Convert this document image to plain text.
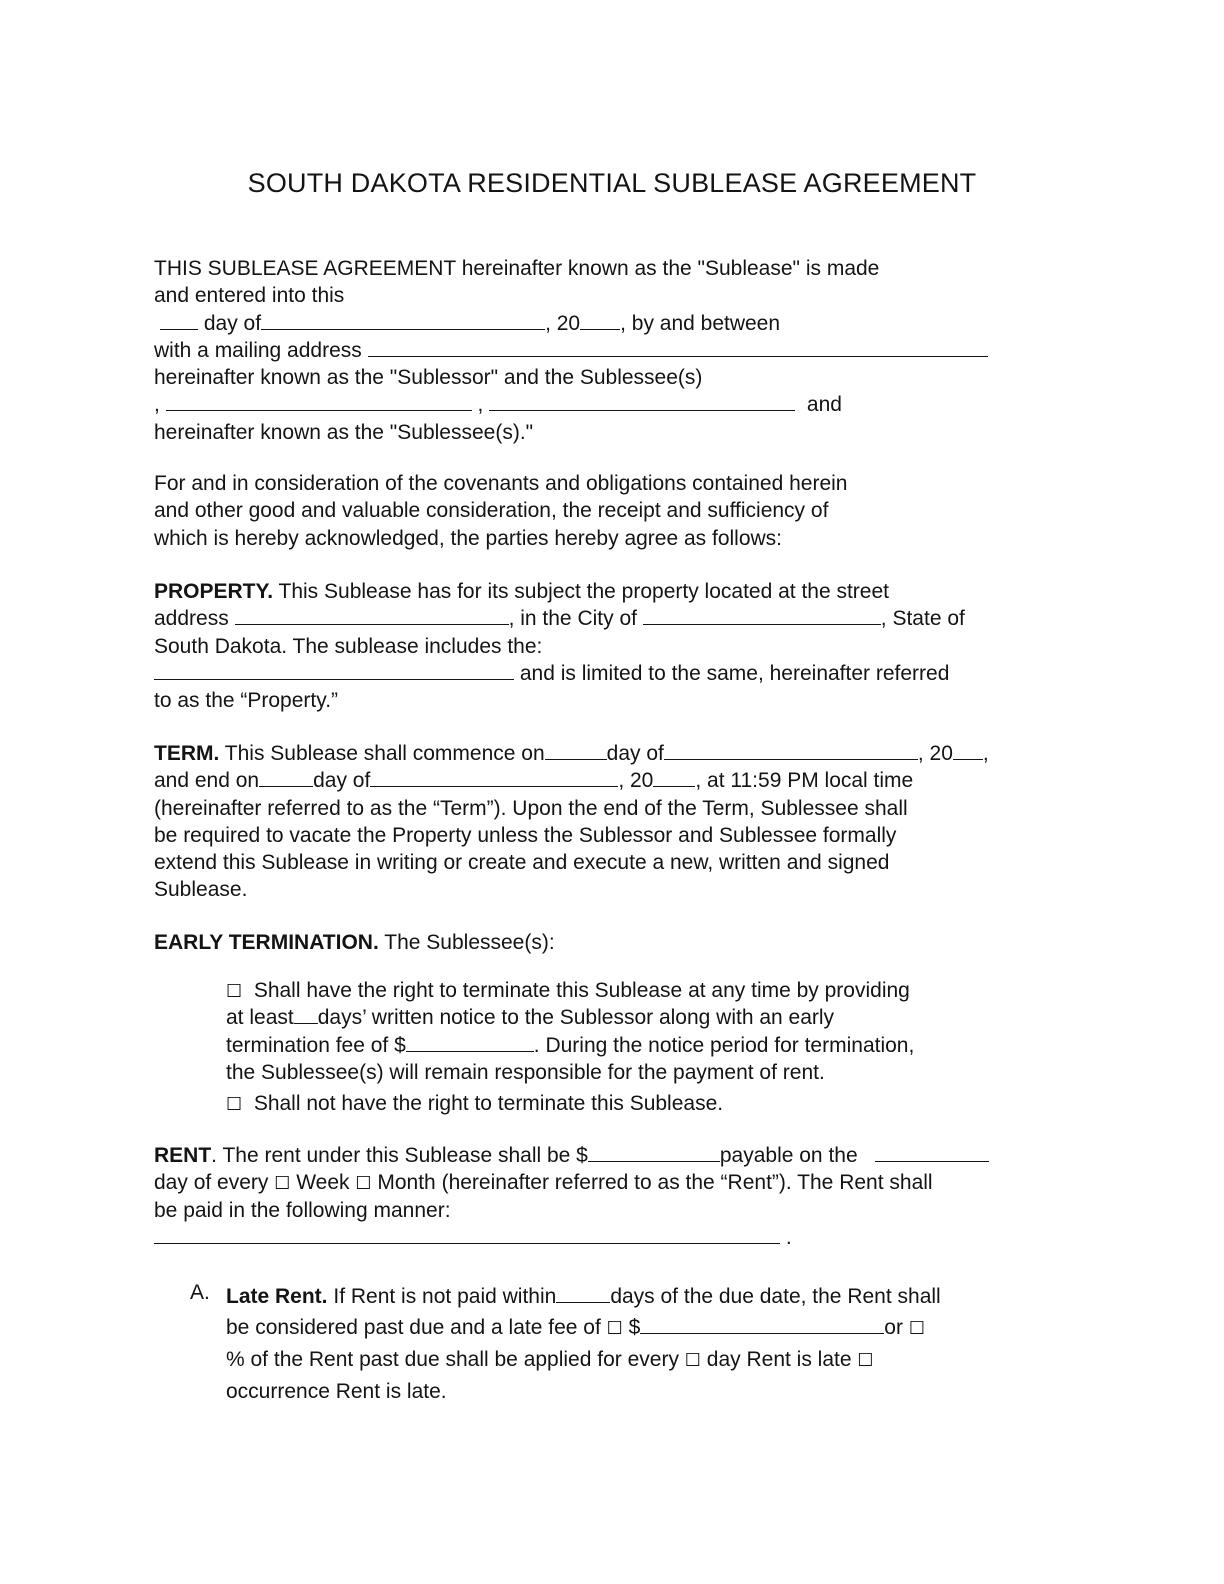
SOUTH DAKOTA RESIDENTIAL SUBLEASE AGREEMENT
THIS SUBLEASE AGREEMENT hereinafter known as the "Sublease" is made
and entered into this
day of	, 20 , by and between
with a mailing address
hereinafter known as the "Sublessor" and the Sublessee(s)
,	,	and
hereinafter known as the "Sublessee(s)."
For and in consideration of the covenants and obligations contained herein
and other good and valuable consideration, the receipt and sufficiency of
which is hereby acknowledged, the parties hereby agree as follows:
PROPERTY. This Sublease has for its subject the property located at the street
address	, in the City of	, State of
South Dakota. The sublease includes the:
and is limited to the same, hereinafter referred
to as the “Property.”
TERM. This Sublease shall commence on	day of	, 20 ,
and end on	day of	, 20 , at 11:59 PM local time
(hereinafter referred to as the “Term”). Upon the end of the Term, Sublessee shall
be required to vacate the Property unless the Sublessor and Sublessee formally
extend this Sublease in writing or create and execute a new, written and signed
Sublease.
EARLY TERMINATION. The Sublessee(s):
☐ Shall have the right to terminate this Sublease at any time by providing
at least days’ written notice to the Sublessor along with an early
termination fee of $	. During the notice period for termination,
the Sublessee(s) will remain responsible for the payment of rent.
☐ Shall not have the right to terminate this Sublease.
RENT. The rent under this Sublease shall be $	payable on the
day of every ☐ Week ☐ Month (hereinafter referred to as the “Rent”). The Rent shall
be paid in the following manner:
.
A. Late Rent. If Rent is not paid within	days of the due date, the Rent shall
be considered past due and a late fee of ☐ $	or ☐
% of the Rent past due shall be applied for every ☐ day Rent is late ☐
occurrence Rent is late.
